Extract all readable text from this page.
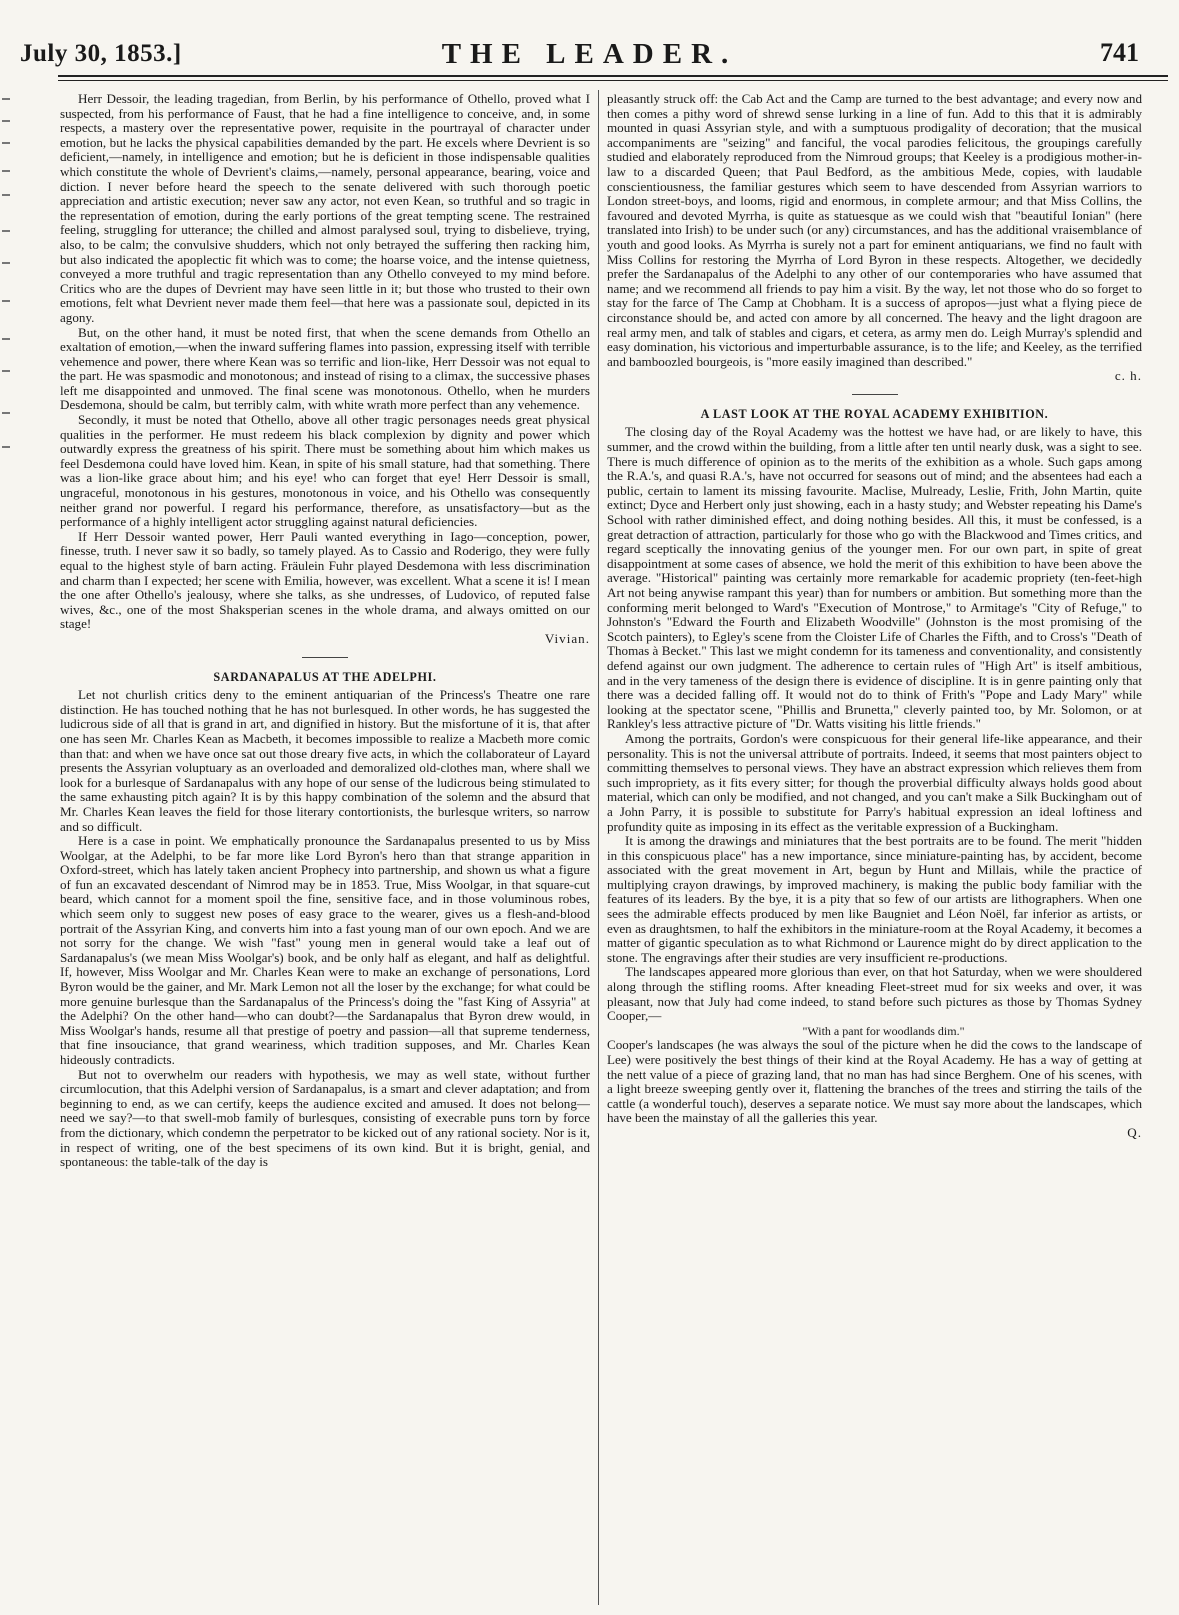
July 30, 1853.]	THE LEADER.	741

Herr Dessoir, the leading tragedian, from Berlin, by his performance of Othello, proved what I suspected, from his performance of Faust, that he had a fine intelligence to conceive, and, in some respects, a mastery over the representative power, requisite in the pourtrayal of character under emotion, but he lacks the physical capabilities demanded by the part. He excels where Devrient is so deficient,—namely, in intelligence and emotion; but he is deficient in those indispensable qualities which constitute the whole of Devrient's claims,—namely, personal appearance, bearing, voice and diction. I never before heard the speech to the senate delivered with such thorough poetic appreciation and artistic execution; never saw any actor, not even Kean, so truthful and so tragic in the representation of emotion, during the early portions of the great tempting scene. The restrained feeling, struggling for utterance; the chilled and almost paralysed soul, trying to disbelieve, trying, also, to be calm; the convulsive shudders, which not only betrayed the suffering then racking him, but also indicated the apoplectic fit which was to come; the hoarse voice, and the intense quietness, conveyed a more truthful and tragic representation than any Othello conveyed to my mind before. Critics who are the dupes of Devrient may have seen little in it; but those who trusted to their own emotions, felt what Devrient never made them feel—that here was a passionate soul, depicted in its agony.

But, on the other hand, it must be noted first, that when the scene demands from Othello an exaltation of emotion,—when the inward suffering flames into passion, expressing itself with terrible vehemence and power, there where Kean was so terrific and lion-like, Herr Dessoir was not equal to the part. He was spasmodic and monotonous; and instead of rising to a climax, the successive phases left me disappointed and unmoved. The final scene was monotonous. Othello, when he murders Desdemona, should be calm, but terribly calm, with white wrath more perfect than any vehemence.

Secondly, it must be noted that Othello, above all other tragic personages needs great physical qualities in the performer. He must redeem his black complexion by dignity and power which outwardly express the greatness of his spirit. There must be something about him which makes us feel Desdemona could have loved him. Kean, in spite of his small stature, had that something. There was a lion-like grace about him; and his eye! who can forget that eye! Herr Dessoir is small, ungraceful, monotonous in his gestures, monotonous in voice, and his Othello was consequently neither grand nor powerful. I regard his performance, therefore, as unsatisfactory—but as the performance of a highly intelligent actor struggling against natural deficiencies.

If Herr Dessoir wanted power, Herr Pauli wanted everything in Iago—conception, power, finesse, truth. I never saw it so badly, so tamely played. As to Cassio and Roderigo, they were fully equal to the highest style of barn acting. Fräulein Fuhr played Desdemona with less discrimination and charm than I expected; her scene with Emilia, however, was excellent. What a scene it is! I mean the one after Othello's jealousy, where she talks, as she undresses, of Ludovico, of reputed false wives, &c., one of the most Shaksperian scenes in the whole drama, and always omitted on our stage!

Vivian.

SARDANAPALUS AT THE ADELPHI.

Let not churlish critics deny to the eminent antiquarian of the Princess's Theatre one rare distinction. He has touched nothing that he has not burlesqued. In other words, he has suggested the ludicrous side of all that is grand in art, and dignified in history. But the misfortune of it is, that after one has seen Mr. Charles Kean as Macbeth, it becomes impossible to realize a Macbeth more comic than that: and when we have once sat out those dreary five acts, in which the collaborateur of Layard presents the Assyrian voluptuary as an overloaded and demoralized old-clothes man, where shall we look for a burlesque of Sardanapalus with any hope of our sense of the ludicrous being stimulated to the same exhausting pitch again? It is by this happy combination of the solemn and the absurd that Mr. Charles Kean leaves the field for those literary contortionists, the burlesque writers, so narrow and so difficult.

Here is a case in point. We emphatically pronounce the Sardanapalus presented to us by Miss Woolgar, at the Adelphi, to be far more like Lord Byron's hero than that strange apparition in Oxford-street, which has lately taken ancient Prophecy into partnership, and shown us what a figure of fun an excavated descendant of Nimrod may be in 1853. True, Miss Woolgar, in that square-cut beard, which cannot for a moment spoil the fine, sensitive face, and in those voluminous robes, which seem only to suggest new poses of easy grace to the wearer, gives us a flesh-and-blood portrait of the Assyrian King, and converts him into a fast young man of our own epoch. And we are not sorry for the change. We wish "fast" young men in general would take a leaf out of Sardanapalus's (we mean Miss Woolgar's) book, and be only half as elegant, and half as delightful. If, however, Miss Woolgar and Mr. Charles Kean were to make an exchange of personations, Lord Byron would be the gainer, and Mr. Mark Lemon not all the loser by the exchange; for what could be more genuine burlesque than the Sardanapalus of the Princess's doing the "fast King of Assyria" at the Adelphi? On the other hand—who can doubt?—the Sardanapalus that Byron drew would, in Miss Woolgar's hands, resume all that prestige of poetry and passion—all that supreme tenderness, that fine insouciance, that grand weariness, which tradition supposes, and Mr. Charles Kean hideously contradicts.

But not to overwhelm our readers with hypothesis, we may as well state, without further circumlocution, that this Adelphi version of Sardanapalus, is a smart and clever adaptation; and from beginning to end, as we can certify, keeps the audience excited and amused. It does not belong—need we say?—to that swell-mob family of burlesques, consisting of execrable puns torn by force from the dictionary, which condemn the perpetrator to be kicked out of any rational society. Nor is it, in respect of writing, one of the best specimens of its own kind. But it is bright, genial, and spontaneous: the table-talk of the day is

pleasantly struck off: the Cab Act and the Camp are turned to the best advantage; and every now and then comes a pithy word of shrewd sense lurking in a line of fun. Add to this that it is admirably mounted in quasi Assyrian style, and with a sumptuous prodigality of decoration; that the musical accompaniments are "seizing" and fanciful, the vocal parodies felicitous, the groupings carefully studied and elaborately reproduced from the Nimroud groups; that Keeley is a prodigious mother-in-law to a discarded Queen; that Paul Bedford, as the ambitious Mede, copies, with laudable conscientiousness, the familiar gestures which seem to have descended from Assyrian warriors to London street-boys, and looms, rigid and enormous, in complete armour; and that Miss Collins, the favoured and devoted Myrrha, is quite as statuesque as we could wish that "beautiful Ionian" (here translated into Irish) to be under such (or any) circumstances, and has the additional vraisemblance of youth and good looks. As Myrrha is surely not a part for eminent antiquarians, we find no fault with Miss Collins for restoring the Myrrha of Lord Byron in these respects. Altogether, we decidedly prefer the Sardanapalus of the Adelphi to any other of our contemporaries who have assumed that name; and we recommend all friends to pay him a visit. By the way, let not those who do so forget to stay for the farce of The Camp at Chobham. It is a success of apropos—just what a flying piece de circonstance should be, and acted con amore by all concerned. The heavy and the light dragoon are real army men, and talk of stables and cigars, et cetera, as army men do. Leigh Murray's splendid and easy domination, his victorious and imperturbable assurance, is to the life; and Keeley, as the terrified and bamboozled bourgeois, is "more easily imagined than described."

c. h.

A LAST LOOK AT THE ROYAL ACADEMY EXHIBITION.

The closing day of the Royal Academy was the hottest we have had, or are likely to have, this summer, and the crowd within the building, from a little after ten until nearly dusk, was a sight to see. There is much difference of opinion as to the merits of the exhibition as a whole. Such gaps among the R.A.'s, and quasi R.A.'s, have not occurred for seasons out of mind; and the absentees had each a public, certain to lament its missing favourite. Maclise, Mulready, Leslie, Frith, John Martin, quite extinct; Dyce and Herbert only just showing, each in a hasty study; and Webster repeating his Dame's School with rather diminished effect, and doing nothing besides. All this, it must be confessed, is a great detraction of attraction, particularly for those who go with the Blackwood and Times critics, and regard sceptically the innovating genius of the younger men. For our own part, in spite of great disappointment at some cases of absence, we hold the merit of this exhibition to have been above the average. "Historical" painting was certainly more remarkable for academic propriety (ten-feet-high Art not being anywise rampant this year) than for numbers or ambition. But something more than the conforming merit belonged to Ward's "Execution of Montrose," to Armitage's "City of Refuge," to Johnston's "Edward the Fourth and Elizabeth Woodville" (Johnston is the most promising of the Scotch painters), to Egley's scene from the Cloister Life of Charles the Fifth, and to Cross's "Death of Thomas à Becket." This last we might condemn for its tameness and conventionality, and consistently defend against our own judgment. The adherence to certain rules of "High Art" is itself ambitious, and in the very tameness of the design there is evidence of discipline. It is in genre painting only that there was a decided falling off. It would not do to think of Frith's "Pope and Lady Mary" while looking at the spectator scene, "Phillis and Brunetta," cleverly painted too, by Mr. Solomon, or at Rankley's less attractive picture of "Dr. Watts visiting his little friends."

Among the portraits, Gordon's were conspicuous for their general life-like appearance, and their personality. This is not the universal attribute of portraits. Indeed, it seems that most painters object to committing themselves to personal views. They have an abstract expression which relieves them from such impropriety, as it fits every sitter; for though the proverbial difficulty always holds good about material, which can only be modified, and not changed, and you can't make a Silk Buckingham out of a John Parry, it is possible to substitute for Parry's habitual expression an ideal loftiness and profundity quite as imposing in its effect as the veritable expression of a Buckingham.

It is among the drawings and miniatures that the best portraits are to be found. The merit "hidden in this conspicuous place" has a new importance, since miniature-painting has, by accident, become associated with the great movement in Art, begun by Hunt and Millais, while the practice of multiplying crayon drawings, by improved machinery, is making the public body familiar with the features of its leaders. By the bye, it is a pity that so few of our artists are lithographers. When one sees the admirable effects produced by men like Baugniet and Léon Noël, far inferior as artists, or even as draughtsmen, to half the exhibitors in the miniature-room at the Royal Academy, it becomes a matter of gigantic speculation as to what Richmond or Laurence might do by direct application to the stone. The engravings after their studies are very insufficient re-productions.

The landscapes appeared more glorious than ever, on that hot Saturday, when we were shouldered along through the stifling rooms. After kneading Fleet-street mud for six weeks and over, it was pleasant, now that July had come indeed, to stand before such pictures as those by Thomas Sydney Cooper,—

"With a pant for woodlands dim."

Cooper's landscapes (he was always the soul of the picture when he did the cows to the landscape of Lee) were positively the best things of their kind at the Royal Academy. He has a way of getting at the nett value of a piece of grazing land, that no man has had since Berghem. One of his scenes, with a light breeze sweeping gently over it, flattening the branches of the trees and stirring the tails of the cattle (a wonderful touch), deserves a separate notice. We must say more about the landscapes, which have been the mainstay of all the galleries this year.

Q.
